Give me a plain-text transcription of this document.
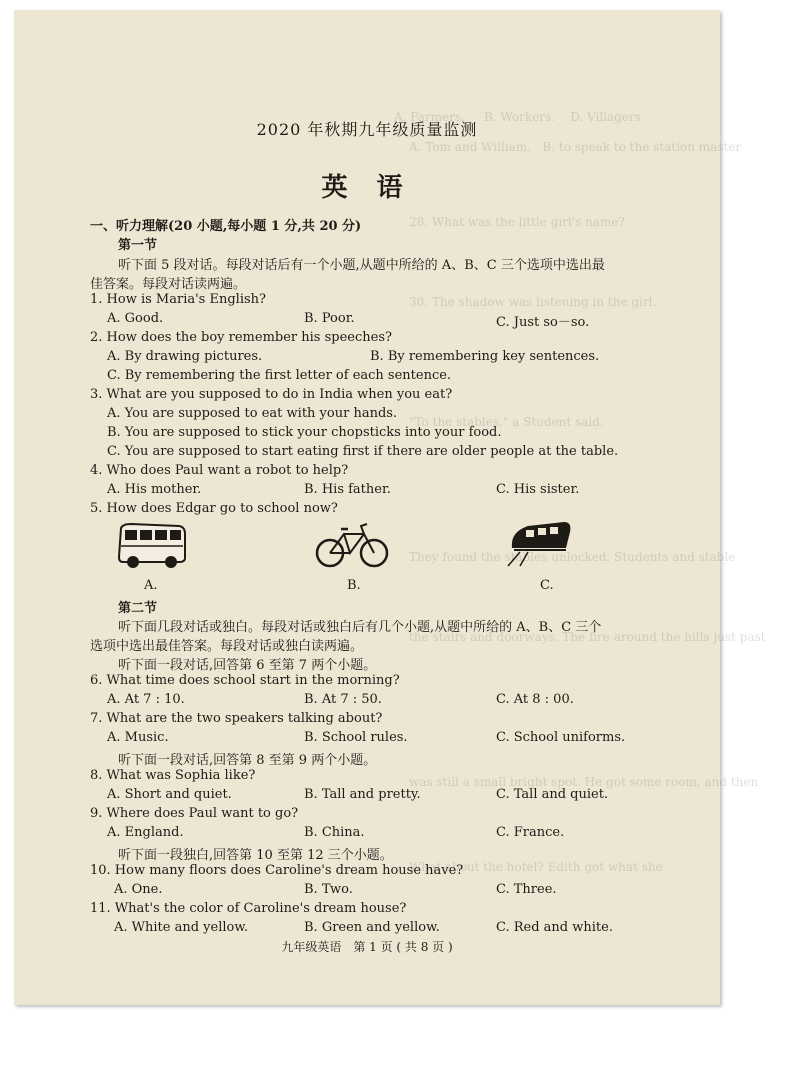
A. Farmers.     B. Workers.    D. Villagers
A. Tom and William.   B. to speak to the station master
28. What was the little girl's name?
30. The shadow was listening in the girl.
"To the stables," a Student said.
They found the stables unlocked. Students and stable
the stairs and doorways. The fire around the hills just past
was still a small bright spot. He got some room, and then
What about the hotel? Edith got what she
2020 年秋期九年级质量监测
英 语
一、听力理解(20 小题,每小题 1 分,共 20 分)
第一节
听下面 5 段对话。每段对话后有一个小题,从题中所给的 A、B、C 三个选项中选出最
佳答案。每段对话读两遍。
1. How is Maria's English?
A. Good.	B. Poor.	C. Just so－so.
2. How does the boy remember his speeches?
A. By drawing pictures.	B. By remembering key sentences.
C. By remembering the first letter of each sentence.
3. What are you supposed to do in India when you eat?
A. You are supposed to eat with your hands.
B. You are supposed to stick your chopsticks into your food.
C. You are supposed to start eating first if there are older people at the table.
4. Who does Paul want a robot to help?
A. His mother.	B. His father.	C. His sister.
5. How does Edgar go to school now?
A.	B.	C.
第二节
听下面几段对话或独白。每段对话或独白后有几个小题,从题中所给的 A、B、C 三个
选项中选出最佳答案。每段对话或独白读两遍。
听下面一段对话,回答第 6 至第 7 两个小题。
6. What time does school start in the morning?
A. At 7 : 10.	B. At 7 : 50.	C. At 8 : 00.
7. What are the two speakers talking about?
A. Music.	B. School rules.	C. School uniforms.
听下面一段对话,回答第 8 至第 9 两个小题。
8. What was Sophia like?
A. Short and quiet.	B. Tall and pretty.	C. Tall and quiet.
9. Where does Paul want to go?
A. England.	B. China.	C. France.
听下面一段独白,回答第 10 至第 12 三个小题。
10. How many floors does Caroline's dream house have?
A. One.	B. Two.	C. Three.
11. What's the color of Caroline's dream house?
A. White and yellow.	B. Green and yellow.	C. Red and white.
九年级英语　第 1 页 ( 共 8 页 )
